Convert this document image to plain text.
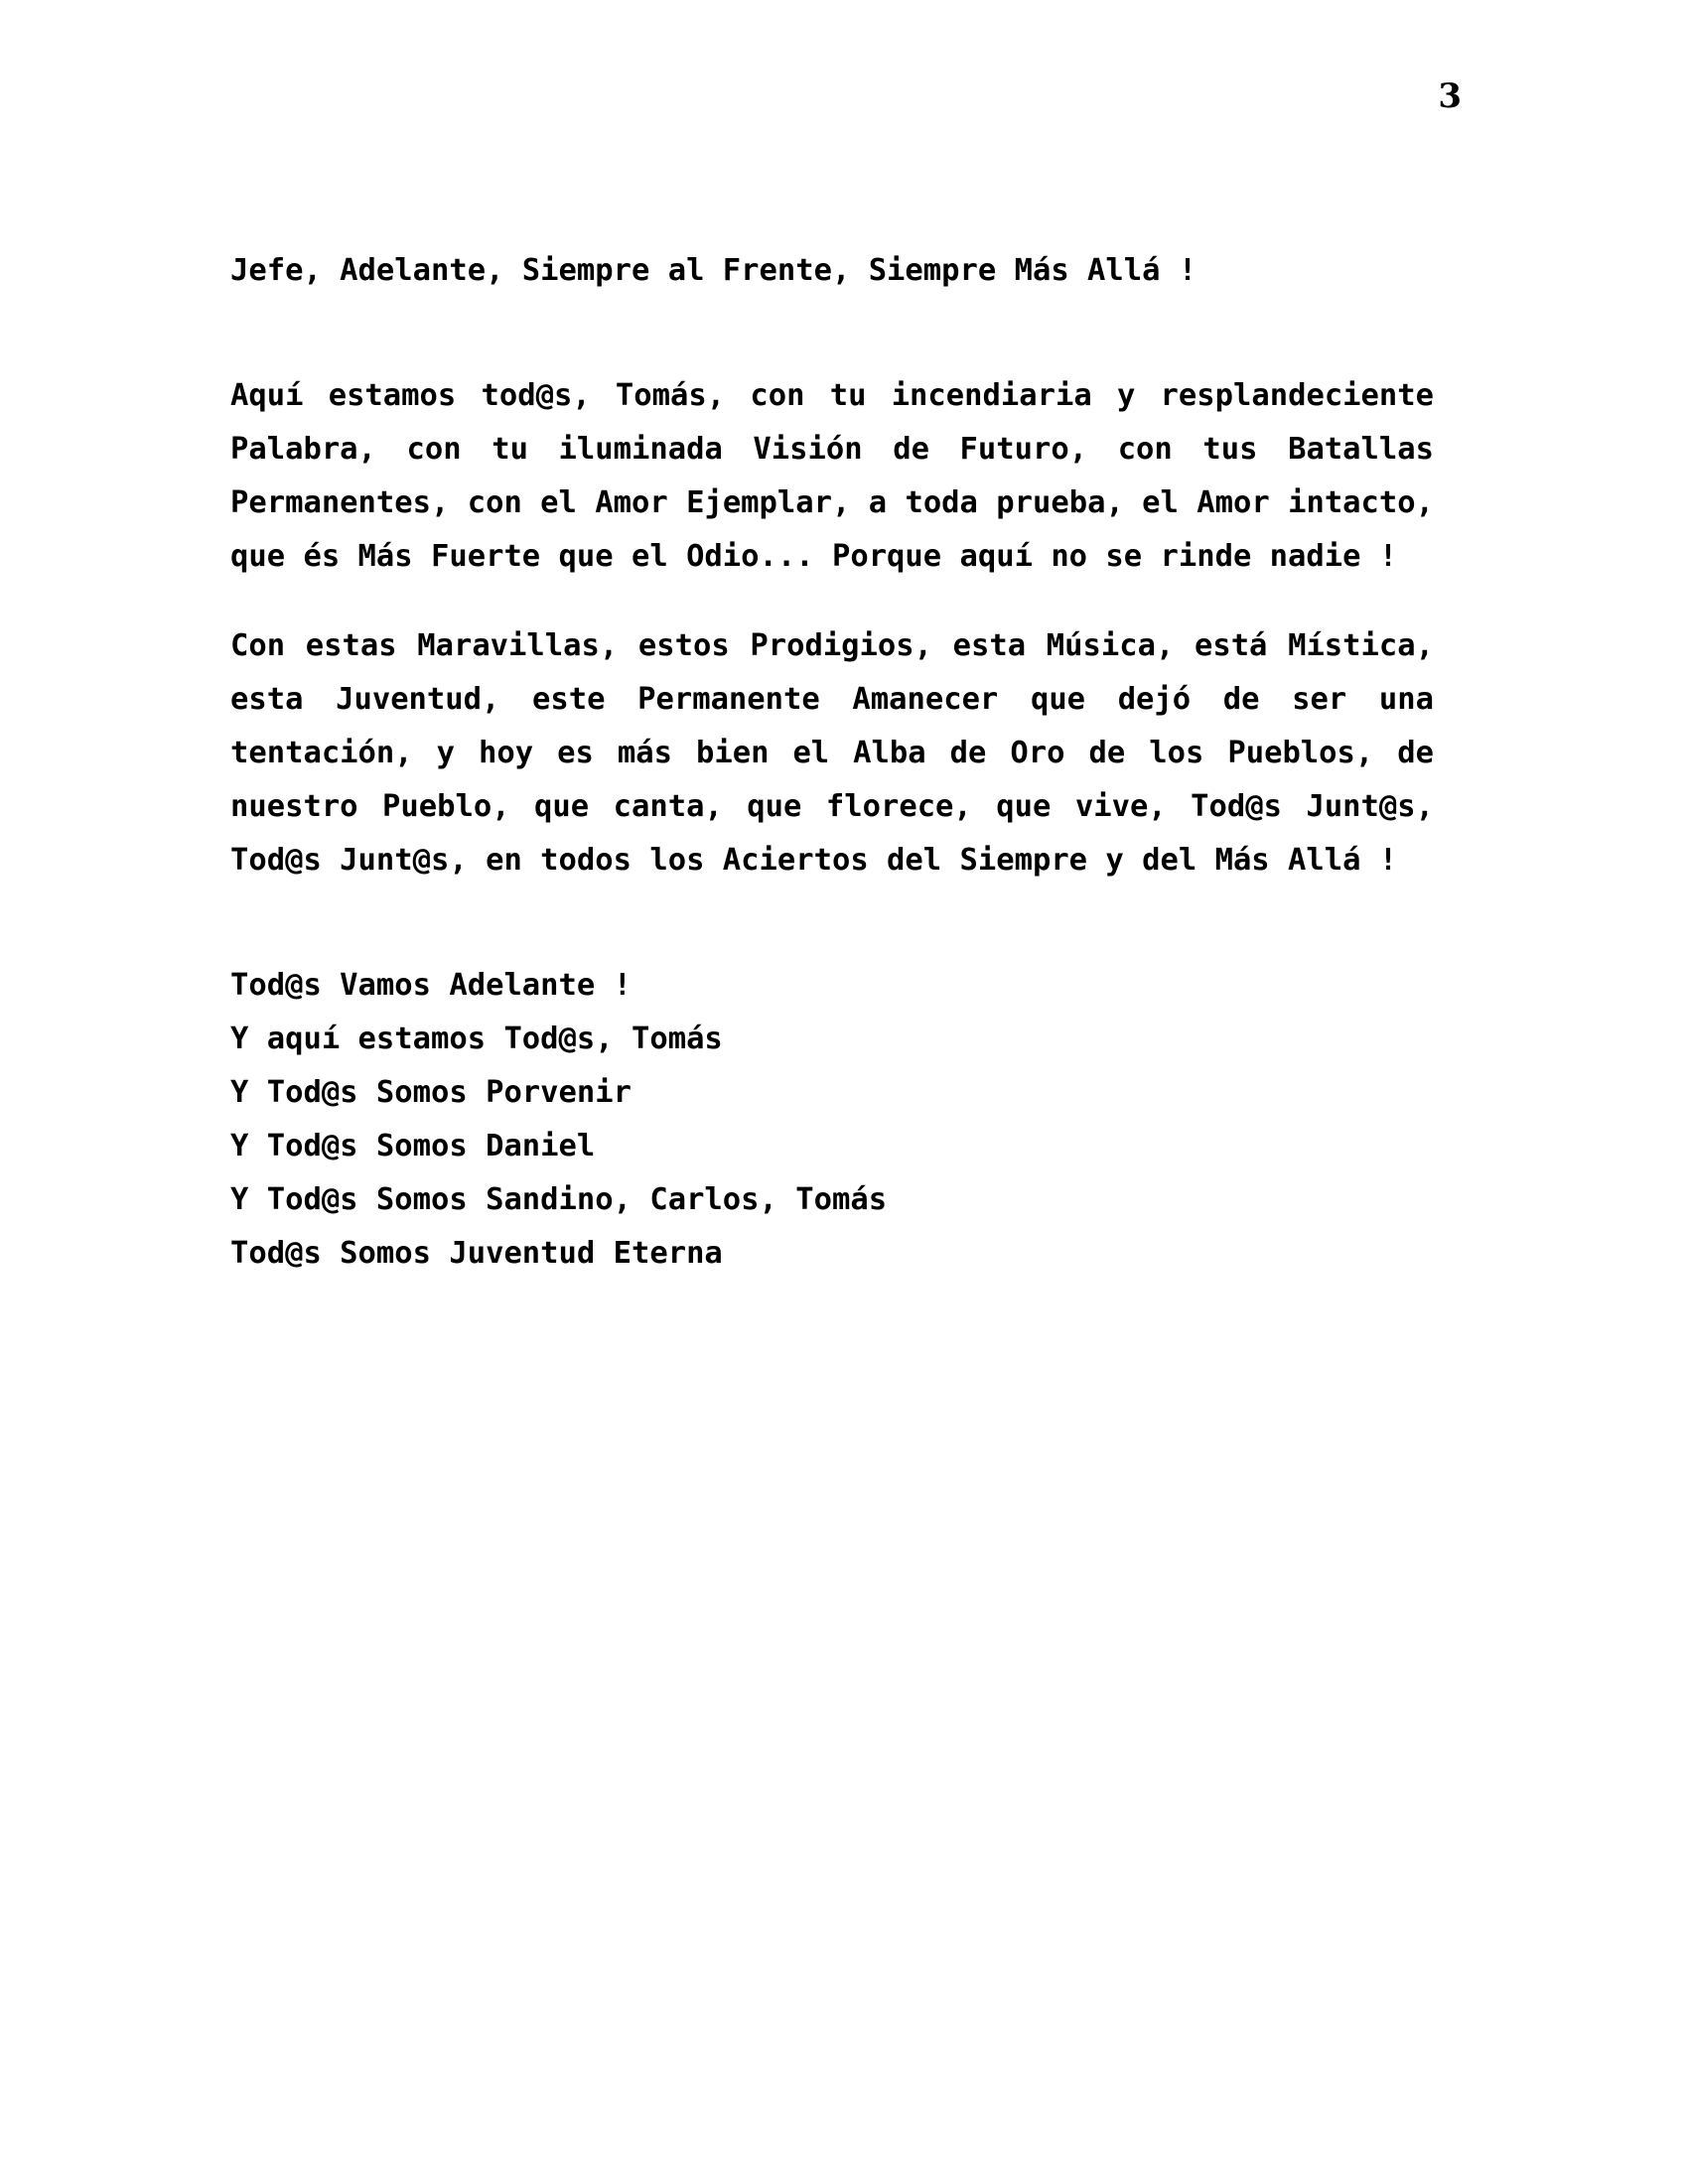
3

Jefe, Adelante, Siempre al Frente, Siempre Más Allá !

Aquí estamos tod@s, Tomás, con tu incendiaria y resplandeciente Palabra, con tu iluminada Visión de Futuro, con tus Batallas Permanentes, con el Amor Ejemplar, a toda prueba, el Amor intacto, que és Más Fuerte que el Odio... Porque aquí no se rinde nadie !

Con estas Maravillas, estos Prodigios, esta Música, está Mística, esta Juventud, este Permanente Amanecer que dejó de ser una tentación, y hoy es más bien el Alba de Oro de los Pueblos, de nuestro Pueblo, que canta, que florece, que vive, Tod@s Junt@s, Tod@s Junt@s, en todos los Aciertos del Siempre y del Más Allá !

Tod@s Vamos Adelante !
Y aquí estamos Tod@s, Tomás
Y Tod@s Somos Porvenir
Y Tod@s Somos Daniel
Y Tod@s Somos Sandino, Carlos, Tomás
Tod@s Somos Juventud Eterna
